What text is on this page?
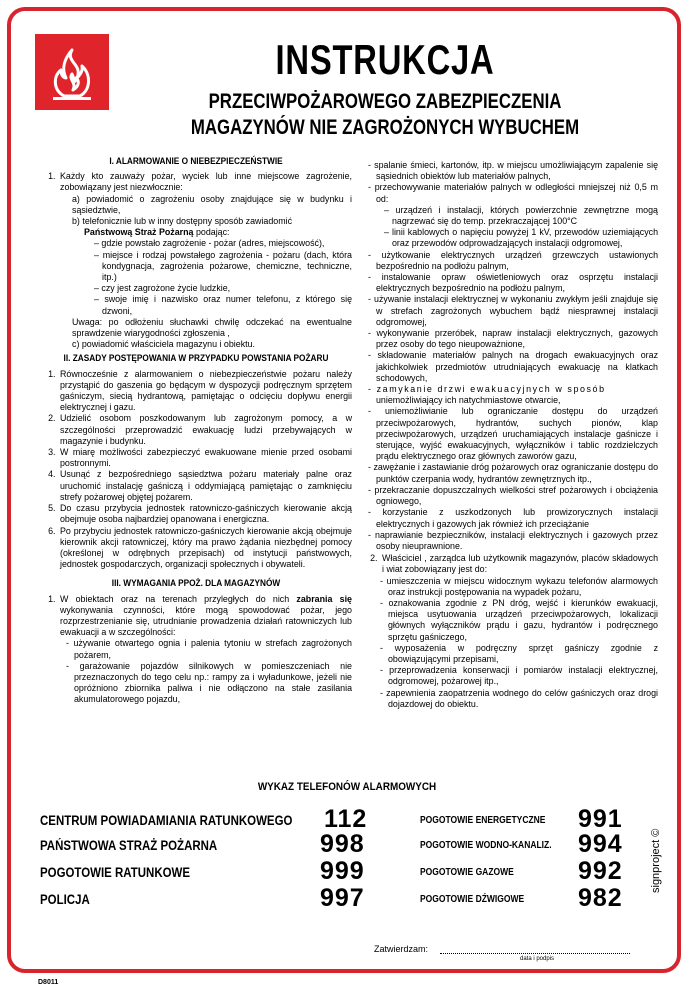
INSTRUKCJA
PRZECIWPOŻAROWEGO ZABEZPIECZENIA
MAGAZYNÓW NIE ZAGROŻONYCH WYBUCHEM
I. ALARMOWANIE O NIEBEZPIECZEŃSTWIE
1. Każdy kto zauważy pożar, wyciek lub inne miejscowe zagrożenie, zobowiązany jest niezwłocznie:
a) powiadomić o zagrożeniu osoby znajdujące się w budynku i sąsiedztwie,
b) telefonicznie lub w inny dostępny sposób zawiadomić
Państwową Straż Pożarną podając:
– gdzie powstało zagrożenie - pożar (adres, miejscowość),
– miejsce i rodzaj powstałego zagrożenia - pożaru (dach, która kondygnacja, zagrożenia pożarowe, chemiczne, techniczne, itp.)
– czy jest zagrożone życie ludzkie,
– swoje imię i nazwisko oraz numer telefonu, z którego się dzwoni,
Uwaga: po odłożeniu słuchawki chwilę odczekać na ewentualne sprawdzenie wiarygodności zgłoszenia ,
c) powiadomić właściciela magazynu i obiektu.
II. ZASADY POSTĘPOWANIA W PRZYPADKU POWSTANIA POŻARU
1. Równocześnie z alarmowaniem o niebezpieczeństwie pożaru należy przystąpić do gaszenia go będącym w dyspozycji podręcznym sprzętem gaśniczym, siecią hydrantową, pamiętając o odcięciu dopływu energii elektrycznej i gazu.
2. Udzielić osobom poszkodowanym lub zagrożonym pomocy, a w szczególności przeprowadzić ewakuację ludzi przebywających w magazynie i budynku.
3. W miarę możliwości zabezpieczyć ewakuowane mienie przed osobami postronnymi.
4. Usunąć z bezpośredniego sąsiedztwa pożaru materiały palne oraz uruchomić instalację gaśniczą i oddymiającą pamiętając o zamknięciu strefy pożarowej objętej pożarem.
5. Do czasu przybycia jednostek ratowniczo-gaśniczych kierowanie akcją obejmuje osoba najbardziej opanowana i energiczna.
6. Po przybyciu jednostek ratowniczo-gaśniczych kierowanie akcją obejmuje kierownik akcji ratowniczej, który ma prawo żądania niezbędnej pomocy (określonej w odrębnych przepisach) od instytucji państwowych, jednostek gospodarczych, organizacji społecznych i obywateli.
III. WYMAGANIA PPOŻ. DLA MAGAZYNÓW
1. W obiektach oraz na terenach przyległych do nich zabrania się wykonywania czynności, które mogą spowodować pożar, jego rozprzestrzenianie się, utrudnianie prowadzenia działań ratowniczych lub ewakuacji a w szczególności:
- używanie otwartego ognia i palenia tytoniu w strefach zagrożonych pożarem,
- garażowanie pojazdów silnikowych w pomieszczeniach nie przeznaczonych do tego celu np.: rampy za i wyładunkowe, jeżeli nie opróżniono zbiornika paliwa i nie odłączono na stałe zasilania akumulatorowego pojazdu,
- spalanie śmieci, kartonów, itp. w miejscu umożliwiającym zapalenie się sąsiednich obiektów lub materiałów palnych,
- przechowywanie materiałów palnych w odległości mniejszej niż 0,5 m od:
– urządzeń i instalacji, których powierzchnie zewnętrzne mogą nagrzewać się do temp. przekraczającej 100°C
– linii kablowych o napięciu powyżej 1 kV, przewodów uziemiających oraz przewodów odprowadzających instalacji odgromowej,
- użytkowanie elektrycznych urządzeń grzewczych ustawionych bezpośrednio na podłożu palnym,
- instalowanie opraw oświetleniowych oraz osprzętu instalacji elektrycznych bezpośrednio na podłożu palnym,
- używanie instalacji elektrycznej w wykonaniu zwykłym jeśli znajduje się w strefach zagrożonych wybuchem bądź niesprawnej instalacji odgromowej,
- wykonywanie przeróbek, napraw instalacji elektrycznych, gazowych przez osoby do tego nieupoważnione,
- składowanie materiałów palnych na drogach ewakuacyjnych oraz jakichkolwiek przedmiotów utrudniających ewakuację na klatkach schodowych,
- zamykanie drzwi ewakuacyjnych w sposób
uniemożliwiający ich natychmiastowe otwarcie,
- uniemożliwianie lub ograniczanie dostępu do urządzeń przeciwpożarowych, hydrantów, suchych pionów, klap przeciwpożarowych, urządzeń uruchamiających instalacje gaśnicze i sterujące, wyjść ewakuacyjnych, wyłączników i tablic rozdzielczych prądu elektrycznego oraz głównych zaworów gazu,
- zawężanie i zastawianie dróg pożarowych oraz ograniczanie dostępu do punktów czerpania wody, hydrantów zewnętrznych itp.,
- przekraczanie dopuszczalnych wielkości stref pożarowych i obciążenia ogniowego,
- korzystanie z uszkodzonych lub prowizorycznych instalacji elektrycznych i gazowych jak również ich przeciążanie
- naprawianie bezpieczników, instalacji elektrycznych i gazowych przez osoby nieuprawnione.
2. Właściciel , zarządca lub użytkownik magazynów, placów składowych i wiat zobowiązany jest do:
- umieszczenia w miejscu widocznym wykazu telefonów alarmowych oraz instrukcji postępowania na wypadek pożaru,
- oznakowania zgodnie z PN dróg, wejść i kierunków ewakuacji, miejsca usytuowania urządzeń przeciwpożarowych, lokalizacji głównych wyłączników prądu i gazu, hydrantów i podręcznego sprzętu gaśniczego,
- wyposażenia w podręczny sprzęt gaśniczy zgodnie z obowiązującymi przepisami,
- przeprowadzenia konserwacji i pomiarów instalacji elektrycznej, odgromowej, pożarowej itp.,
- zapewnienia zaopatrzenia wodnego do celów gaśniczych oraz drogi dojazdowej do obiektu.
WYKAZ TELEFONÓW ALARMOWYCH
CENTRUM POWIADAMIANIA RATUNKOWEGO 112
PAŃSTWOWA STRAŻ POŻARNA	998
POGOTOWIE RATUNKOWE	999
POLICJA	997
POGOTOWIE ENERGETYCZNE 991
POGOTOWIE WODNO-KANALIZ. 994
POGOTOWIE GAZOWE	992
POGOTOWIE DŹWIGOWE 982
Zatwierdzam:
data i podpis
D8011
signproject ©
